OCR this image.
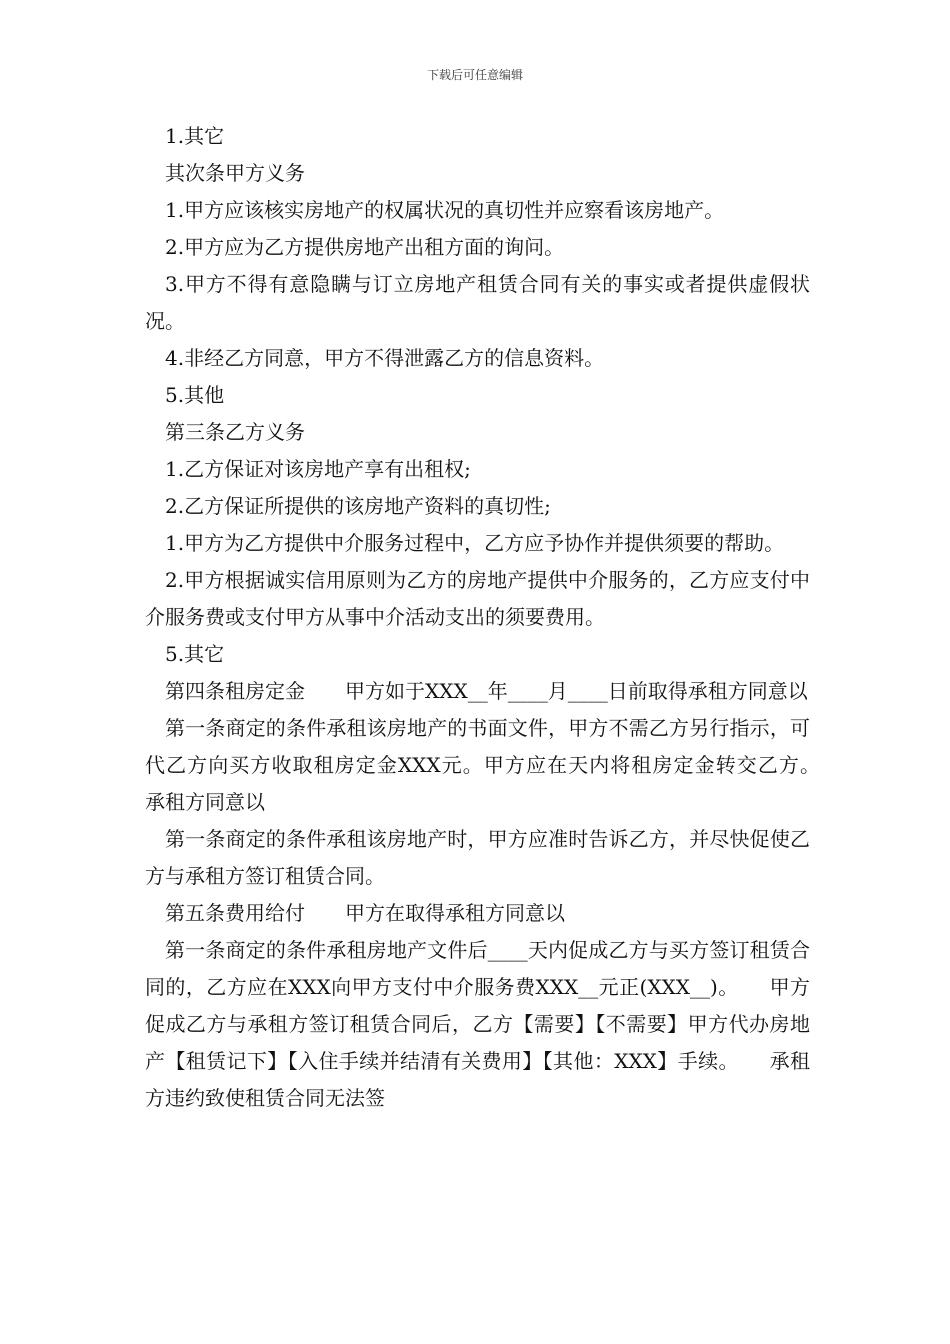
下载后可任意编辑

1.其它

其次条甲方义务

1.甲方应该核实房地产的权属状况的真切性并应察看该房地产。

2.甲方应为乙方提供房地产出租方面的询问。

3.甲方不得有意隐瞒与订立房地产租赁合同有关的事实或者提供虚假状况。

4.非经乙方同意，甲方不得泄露乙方的信息资料。

5.其他

第三条乙方义务

1.乙方保证对该房地产享有出租权;

2.乙方保证所提供的该房地产资料的真切性;

1.甲方为乙方提供中介服务过程中，乙方应予协作并提供须要的帮助。

2.甲方根据诚实信用原则为乙方的房地产提供中介服务的，乙方应支付中介服务费或支付甲方从事中介活动支出的须要费用。

5.其它

第四条租房定金　　甲方如于XXX__年____月____日前取得承租方同意以

第一条商定的条件承租该房地产的书面文件，甲方不需乙方另行指示，可代乙方向买方收取租房定金XXX元。甲方应在天内将租房定金转交乙方。　　承租方同意以

第一条商定的条件承租该房地产时，甲方应准时告诉乙方，并尽快促使乙方与承租方签订租赁合同。

第五条费用给付　　甲方在取得承租方同意以

第一条商定的条件承租房地产文件后____天内促成乙方与买方签订租赁合同的，乙方应在XXX向甲方支付中介服务费XXX__元正(XXX__)。　　甲方促成乙方与承租方签订租赁合同后，乙方【需要】【不需要】甲方代办房地产【租赁记下】【入住手续并结清有关费用】【其他：XXX】手续。　　承租方违约致使租赁合同无法签
